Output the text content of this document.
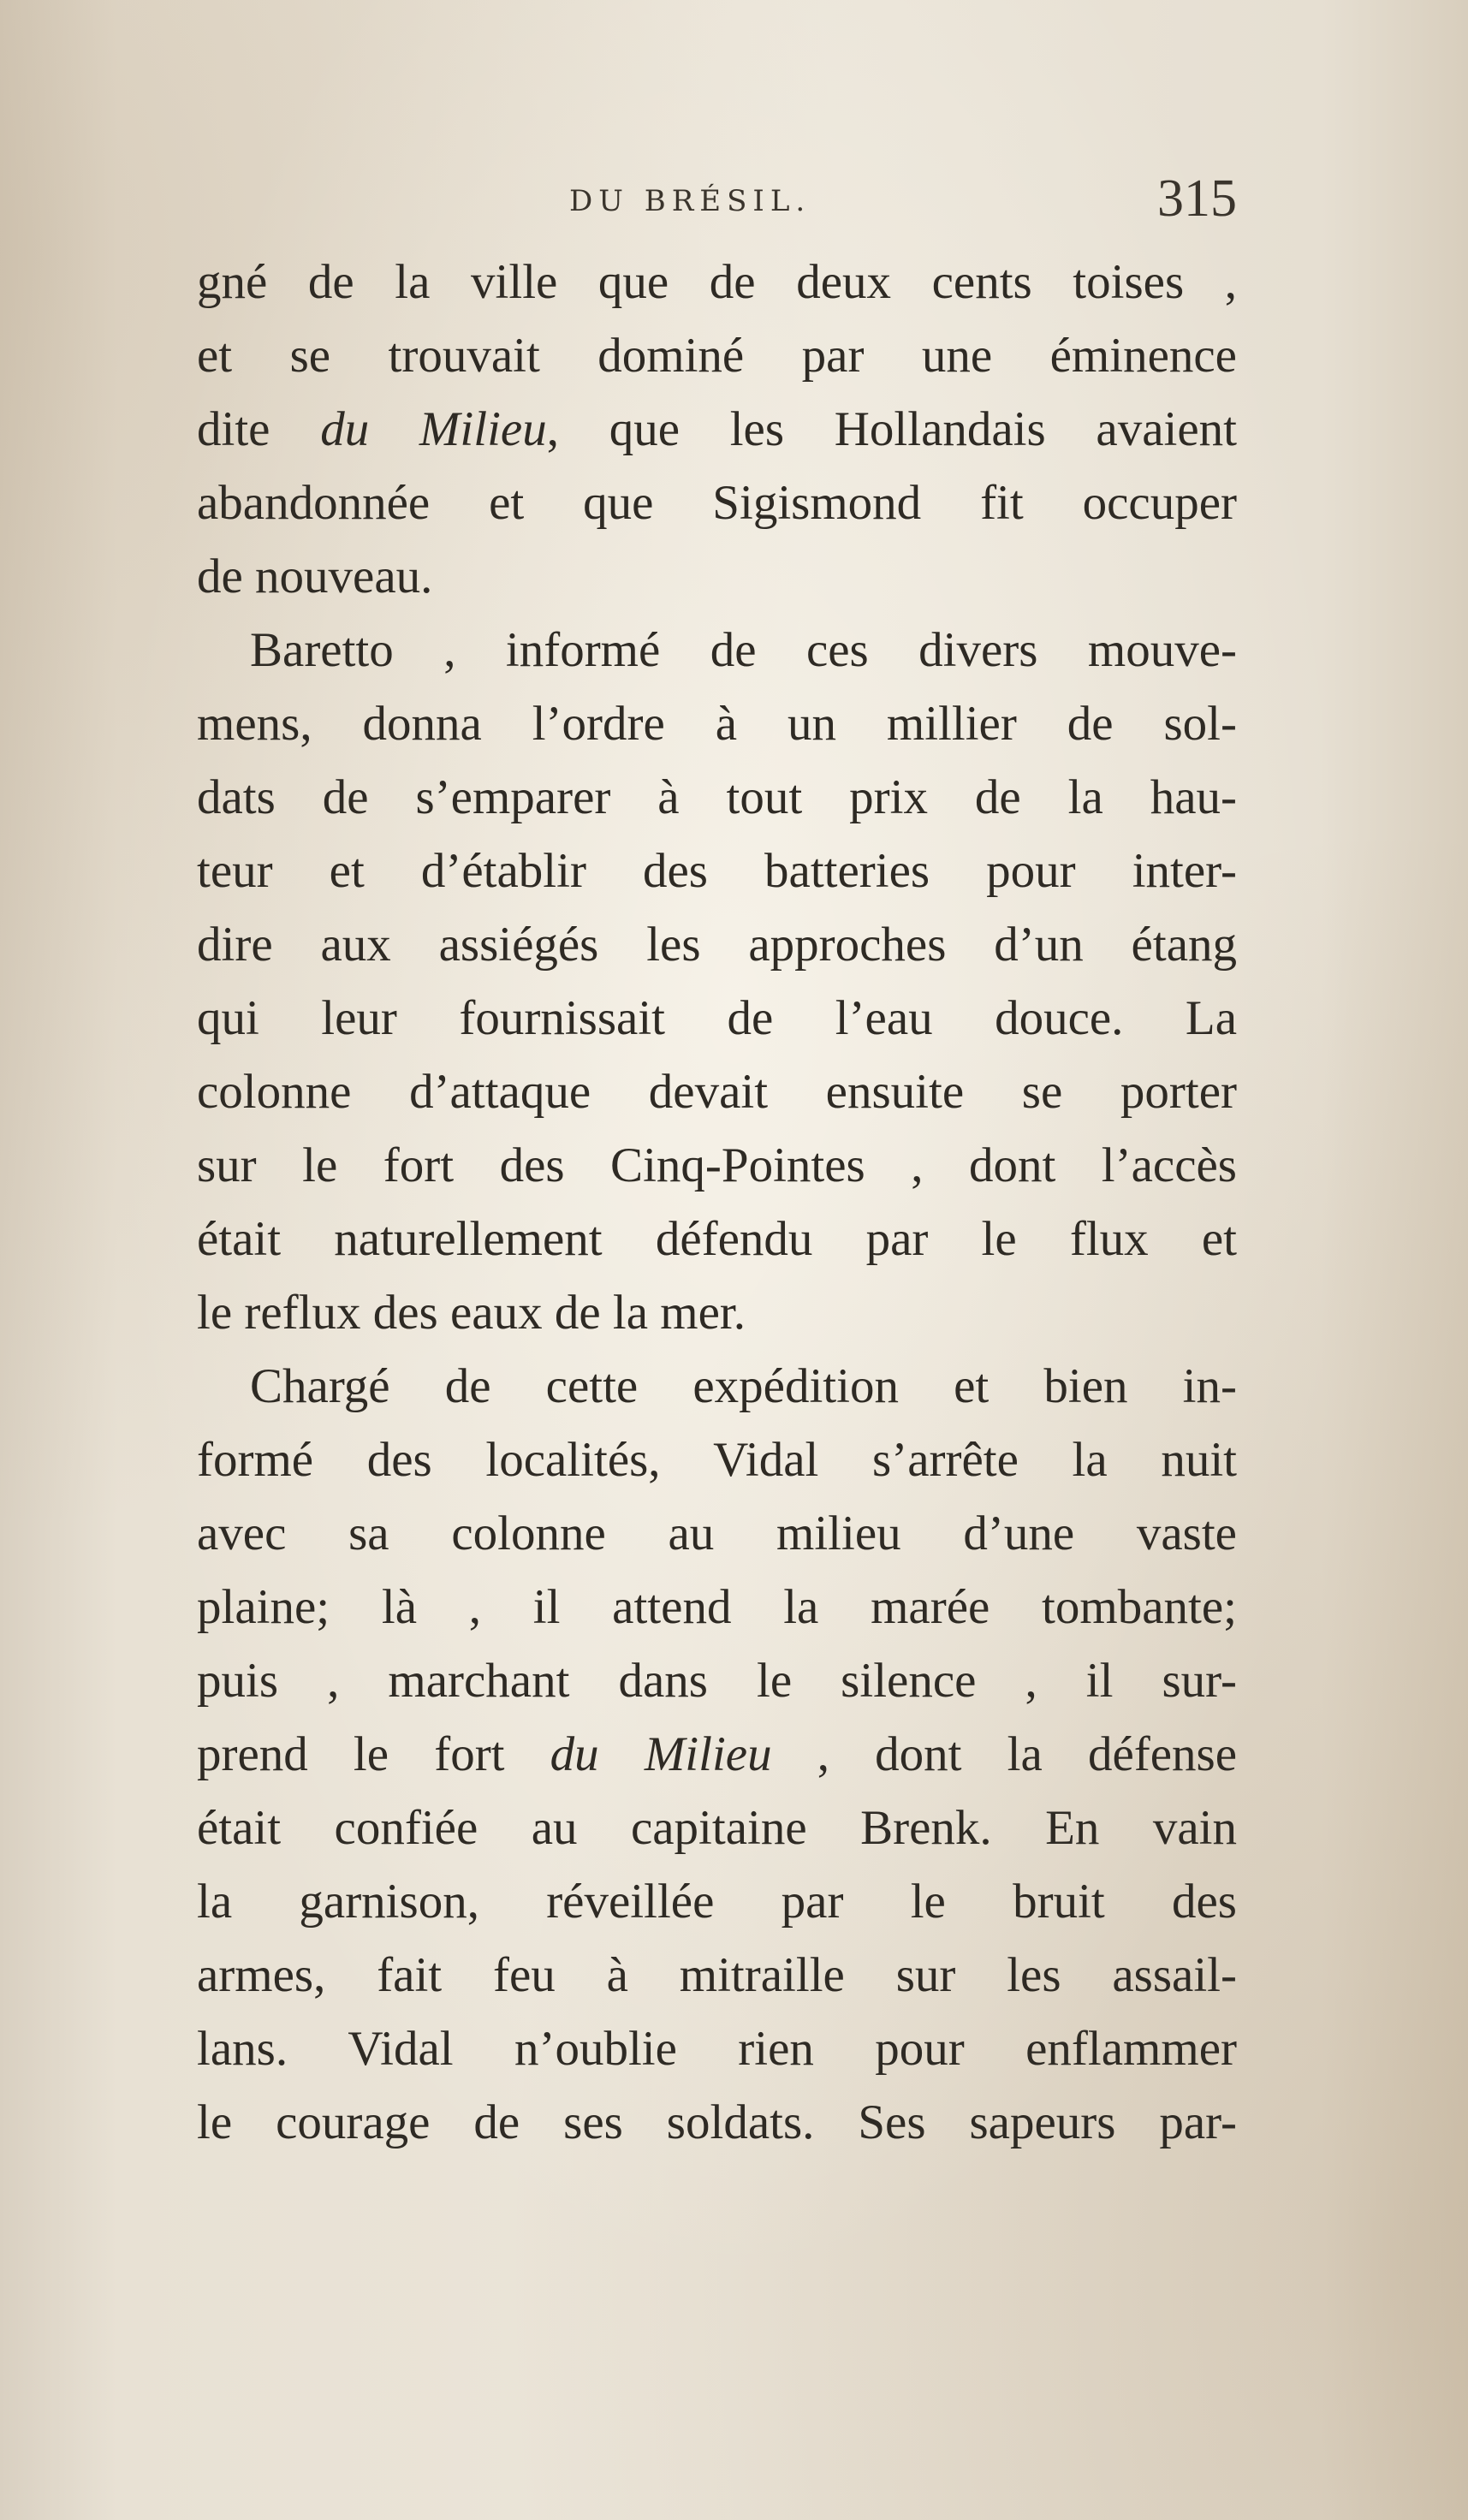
DU BRÉSIL.	315
gné de la ville que de deux cents toises ,
et se trouvait dominé par une éminence
dite du Milieu, que les Hollandais avaient
abandonnée et que Sigismond fit occuper
de nouveau.
Baretto , informé de ces divers mouve-
mens, donna l’ordre à un millier de sol-
dats de s’emparer à tout prix de la hau-
teur et d’établir des batteries pour inter-
dire aux assiégés les approches d’un étang
qui leur fournissait de l’eau douce. La
colonne d’attaque devait ensuite se porter
sur le fort des Cinq-Pointes , dont l’accès
était naturellement défendu par le flux et
le reflux des eaux de la mer.
Chargé de cette expédition et bien in-
formé des localités, Vidal s’arrête la nuit
avec sa colonne au milieu d’une vaste
plaine; là , il attend la marée tombante;
puis , marchant dans le silence , il sur-
prend le fort du Milieu , dont la défense
était confiée au capitaine Brenk. En vain
la garnison, réveillée par le bruit des
armes, fait feu à mitraille sur les assail-
lans. Vidal n’oublie rien pour enflammer
le courage de ses soldats. Ses sapeurs par-
